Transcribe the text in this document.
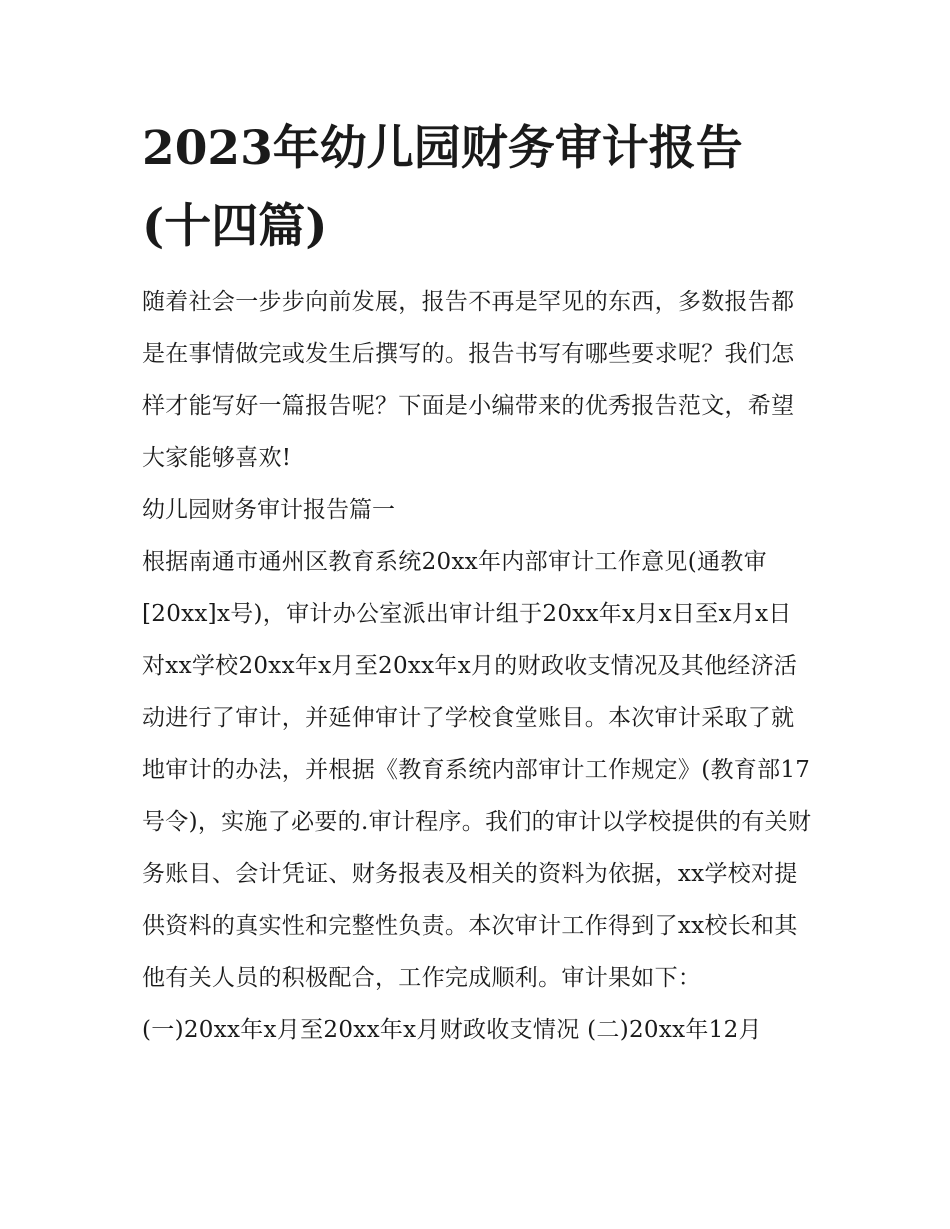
2023年幼儿园财务审计报告
(十四篇)

随着社会一步步向前发展，报告不再是罕见的东西，多数报告都是在事情做完或发生后撰写的。报告书写有哪些要求呢？我们怎样才能写好一篇报告呢？下面是小编带来的优秀报告范文，希望大家能够喜欢!

幼儿园财务审计报告篇一

根据南通市通州区教育系统20xx年内部审计工作意见(通教审[20xx]x号)，审计办公室派出审计组于20xx年x月x日至x月x日对xx学校20xx年x月至20xx年x月的财政收支情况及其他经济活动进行了审计，并延伸审计了学校食堂账目。本次审计采取了就地审计的办法，并根据《教育系统内部审计工作规定》(教育部17号令)，实施了必要的.审计程序。我们的审计以学校提供的有关财务账目、会计凭证、财务报表及相关的资料为依据，xx学校对提供资料的真实性和完整性负责。本次审计工作得到了xx校长和其他有关人员的积极配合，工作完成顺利。审计果如下：

(一)20xx年x月至20xx年x月财政收支情况 (二)20xx年12月
